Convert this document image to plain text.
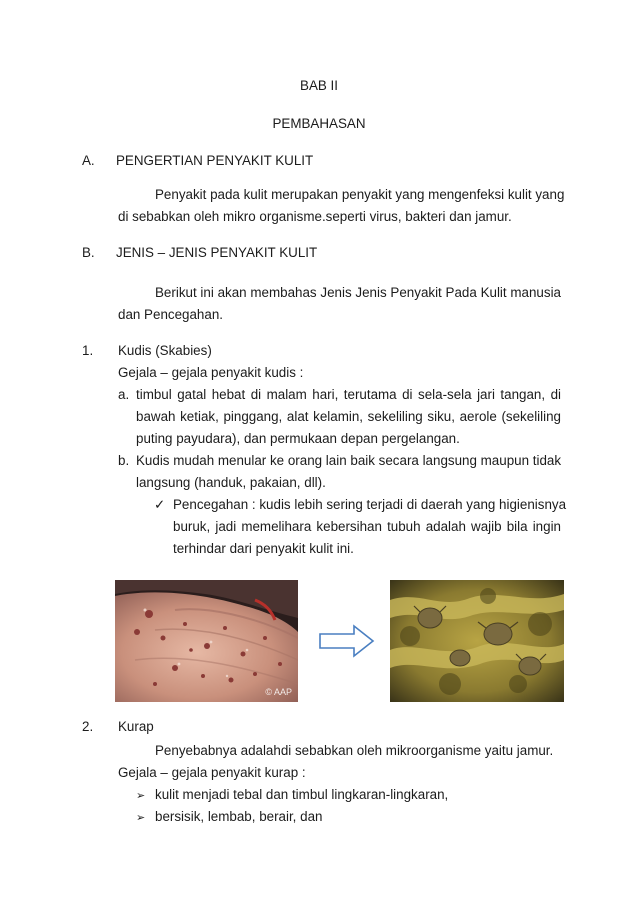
BAB II
PEMBAHASAN
A. PENGERTIAN PENYAKIT KULIT
Penyakit pada kulit merupakan penyakit yang mengenfeksi kulit yang
di sebabkan oleh mikro organisme.seperti virus, bakteri dan jamur.
B. JENIS – JENIS PENYAKIT KULIT
Berikut ini akan membahas Jenis Jenis Penyakit Pada Kulit manusia
dan Pencegahan.
1. Kudis (Skabies)
Gejala – gejala penyakit kudis :
a. timbul gatal hebat di malam hari, terutama di sela-sela jari tangan, di
bawah ketiak, pinggang, alat kelamin, sekeliling siku, aerole (sekeliling
puting payudara), dan permukaan depan pergelangan.
b. Kudis mudah menular ke orang lain baik secara langsung maupun tidak
langsung (handuk, pakaian, dll).
✓ Pencegahan : kudis lebih sering terjadi di daerah yang higienisnya
buruk, jadi memelihara kebersihan tubuh adalah wajib bila ingin
terhindar dari penyakit kulit ini.
© AAP
2. Kurap
Penyebabnya adalahdi sebabkan oleh mikroorganisme yaitu jamur.
Gejala – gejala penyakit kurap :
➢ kulit menjadi tebal dan timbul lingkaran-lingkaran,
➢ bersisik, lembab, berair, dan
